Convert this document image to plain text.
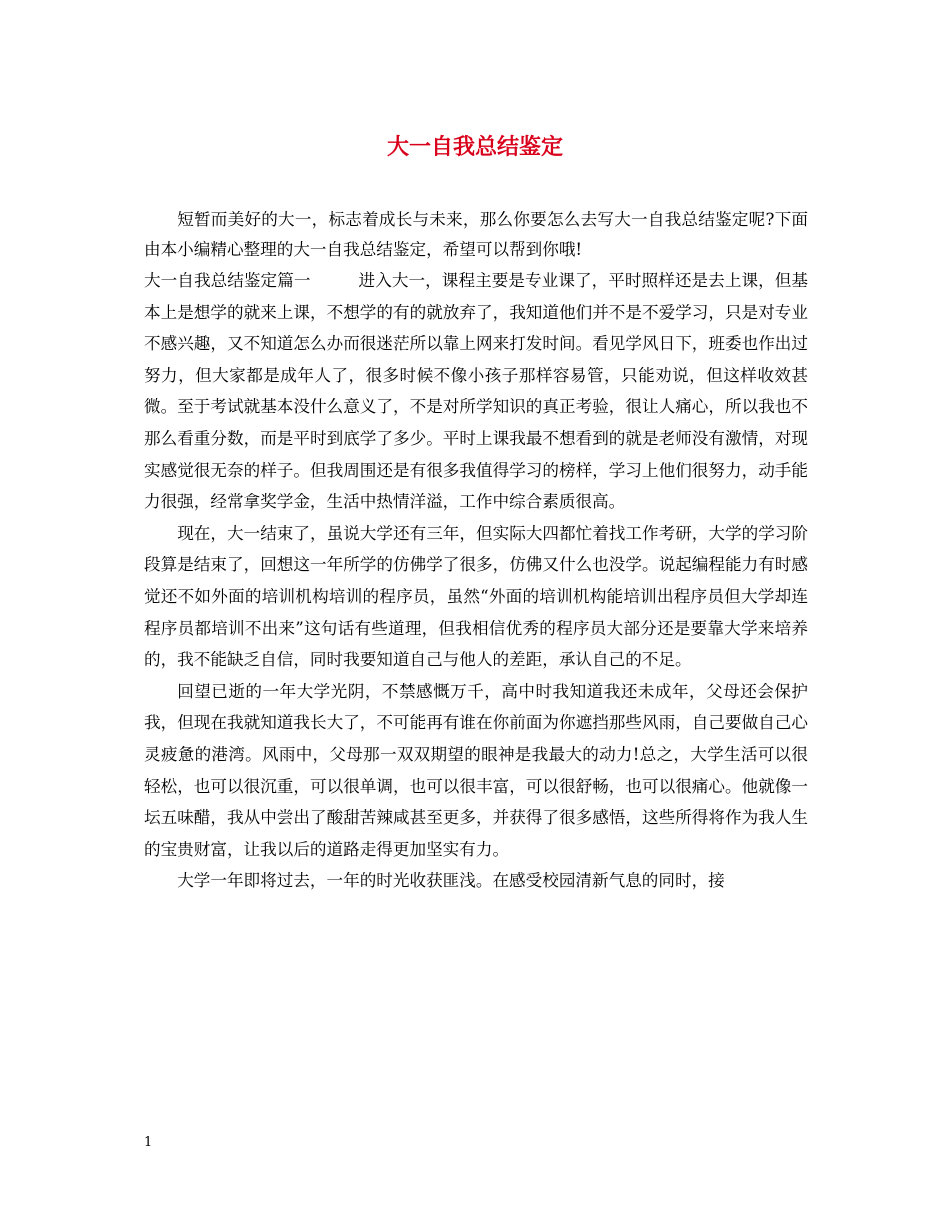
大一自我总结鉴定

短暂而美好的大一，标志着成长与未来，那么你要怎么去写大一自我总结鉴定呢?下面由本小编精心整理的大一自我总结鉴定，希望可以帮到你哦!

大一自我总结鉴定篇一	进入大一，课程主要是专业课了，平时照样还是去上课，但基本上是想学的就来上课，不想学的有的就放弃了，我知道他们并不是不爱学习，只是对专业不感兴趣，又不知道怎么办而很迷茫所以靠上网来打发时间。看见学风日下，班委也作出过努力，但大家都是成年人了，很多时候不像小孩子那样容易管，只能劝说，但这样收效甚微。至于考试就基本没什么意义了，不是对所学知识的真正考验，很让人痛心，所以我也不那么看重分数，而是平时到底学了多少。平时上课我最不想看到的就是老师没有激情，对现实感觉很无奈的样子。但我周围还是有很多我值得学习的榜样，学习上他们很努力，动手能力很强，经常拿奖学金，生活中热情洋溢，工作中综合素质很高。

现在，大一结束了，虽说大学还有三年，但实际大四都忙着找工作考研，大学的学习阶段算是结束了，回想这一年所学的仿佛学了很多，仿佛又什么也没学。说起编程能力有时感觉还不如外面的培训机构培训的程序员，虽然“外面的培训机构能培训出程序员但大学却连程序员都培训不出来”这句话有些道理，但我相信优秀的程序员大部分还是要靠大学来培养的，我不能缺乏自信，同时我要知道自己与他人的差距，承认自己的不足。

回望已逝的一年大学光阴，不禁感慨万千，高中时我知道我还未成年，父母还会保护我，但现在我就知道我长大了，不可能再有谁在你前面为你遮挡那些风雨，自己要做自己心灵疲惫的港湾。风雨中，父母那一双双期望的眼神是我最大的动力!总之，大学生活可以很轻松，也可以很沉重，可以很单调，也可以很丰富，可以很舒畅，也可以很痛心。他就像一坛五味醋，我从中尝出了酸甜苦辣咸甚至更多，并获得了很多感悟，这些所得将作为我人生的宝贵财富，让我以后的道路走得更加坚实有力。

大学一年即将过去，一年的时光收获匪浅。在感受校园清新气息的同时，接

1
